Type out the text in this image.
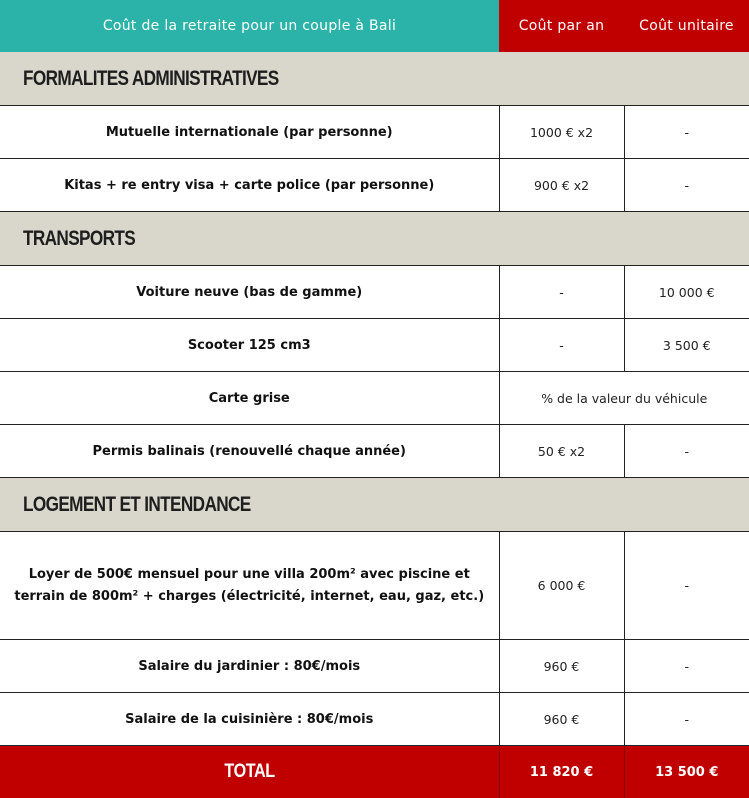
Coût de la retraite pour un couple à Bali	Coût par an	Coût unitaire
FORMALITES ADMINISTRATIVES		
Mutuelle internationale (par personne)	1000 € x2	-
Kitas + re entry visa + carte police (par personne)	900 € x2	-
TRANSPORTS		
Voiture neuve (bas de gamme)	-	10 000 €
Scooter 125 cm3	-	3 500 €
Carte grise	% de la valeur du véhicule	
Permis balinais (renouvellé chaque année)	50 € x2	-
LOGEMENT ET INTENDANCE		
Loyer de 500€ mensuel pour une villa 200m² avec piscine et terrain de 800m² + charges (électricité, internet, eau, gaz, etc.)	6 000 €	-
Salaire du jardinier : 80€/mois	960 €	-
Salaire de la cuisinière : 80€/mois	960 €	-
TOTAL	11 820 €	13 500 €
